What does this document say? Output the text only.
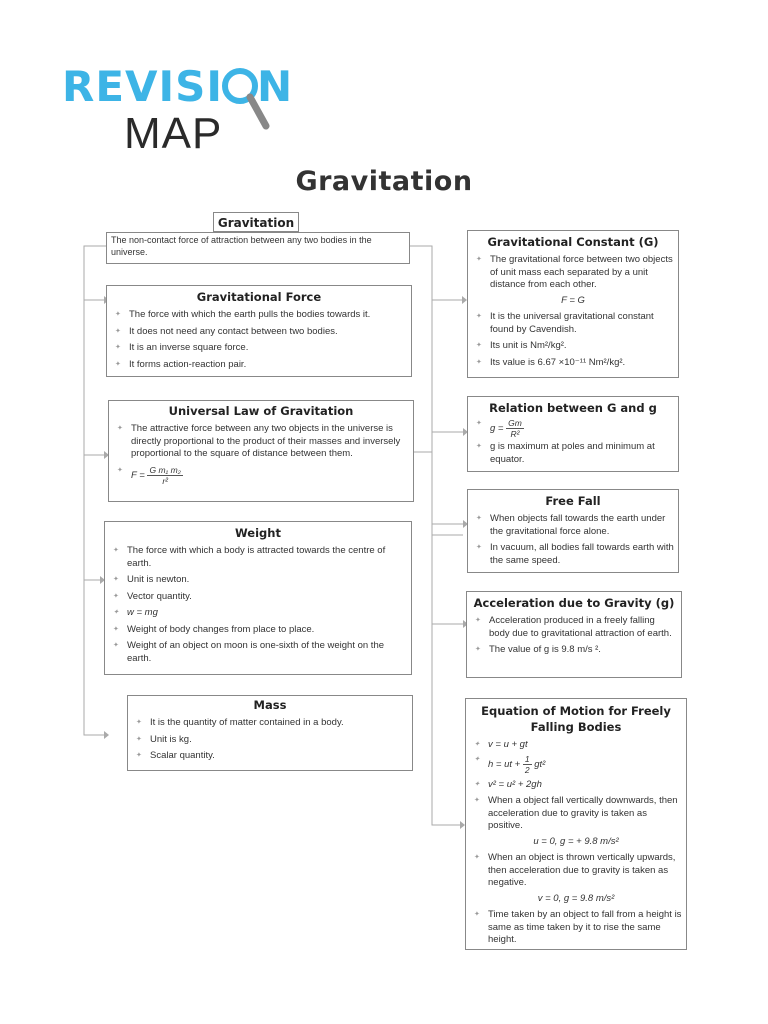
REVISI N
MAP
Gravitation
Gravitation
The non-contact force of attraction between any two bodies in the universe.
Gravitational Force
✦ The force with which the earth pulls the bodies towards it.
✦ It does not need any contact between two bodies.
✦ It is an inverse square force.
✦ It forms action-reaction pair.
Universal Law of Gravitation
✦ The attractive force between any two objects in the universe is directly proportional to the product of their masses and inversely proportional to the square of distance between them.
✦ $F = \frac{\text{G m₁ m₂}}{\text{r²}}$
Weight
✦ The force with which a body is attracted towards the centre of earth.
✦ Unit is newton.
✦ Vector quantity.
✦ w = mg
✦ Weight of body changes from place to place.
✦ Weight of an object on moon is one-sixth of the weight on the earth.
Mass
✦ It is the quantity of matter contained in a body.
✦ Unit is kg.
✦ Scalar quantity.
Gravitational Constant (G)
✦ The gravitational force between two objects of unit mass each separated by a unit distance from each other.
F = G
✦ It is the universal gravitational constant found by Cavendish.
✦ Its unit is Nm²/kg².
✦ Its value is 6.67 ×10⁻¹¹ Nm²/kg².
Relation between G and g
✦ $g = \frac{Gm}{\text{R²}}$
✦ g is maximum at poles and minimum at equator.
Free Fall
✦ When objects fall towards the earth under the gravitational force alone.
✦ In vacuum, all bodies fall towards earth with the same speed.
Acceleration due to Gravity (g)
✦ Acceleration produced in a freely falling body due to gravitational attraction of earth.
✦ The value of g is 9.8 m/s ².
Equation of Motion for Freely Falling Bodies
✦ v = u + gt
✦ h = ut + $\frac{1}{2} gt^2$
✦ v² = u² + 2gh
✦ When a object fall vertically downwards, then acceleration due to gravity is taken as positive.
u = 0, g = + 9.8 m/s²
✦ When an object is thrown vertically upwards, then acceleration due to gravity is taken as negative.
v = 0, g = 9.8 m/s²
✦ Time taken by an object to fall from a height is same as time taken by it to rise the same height.
